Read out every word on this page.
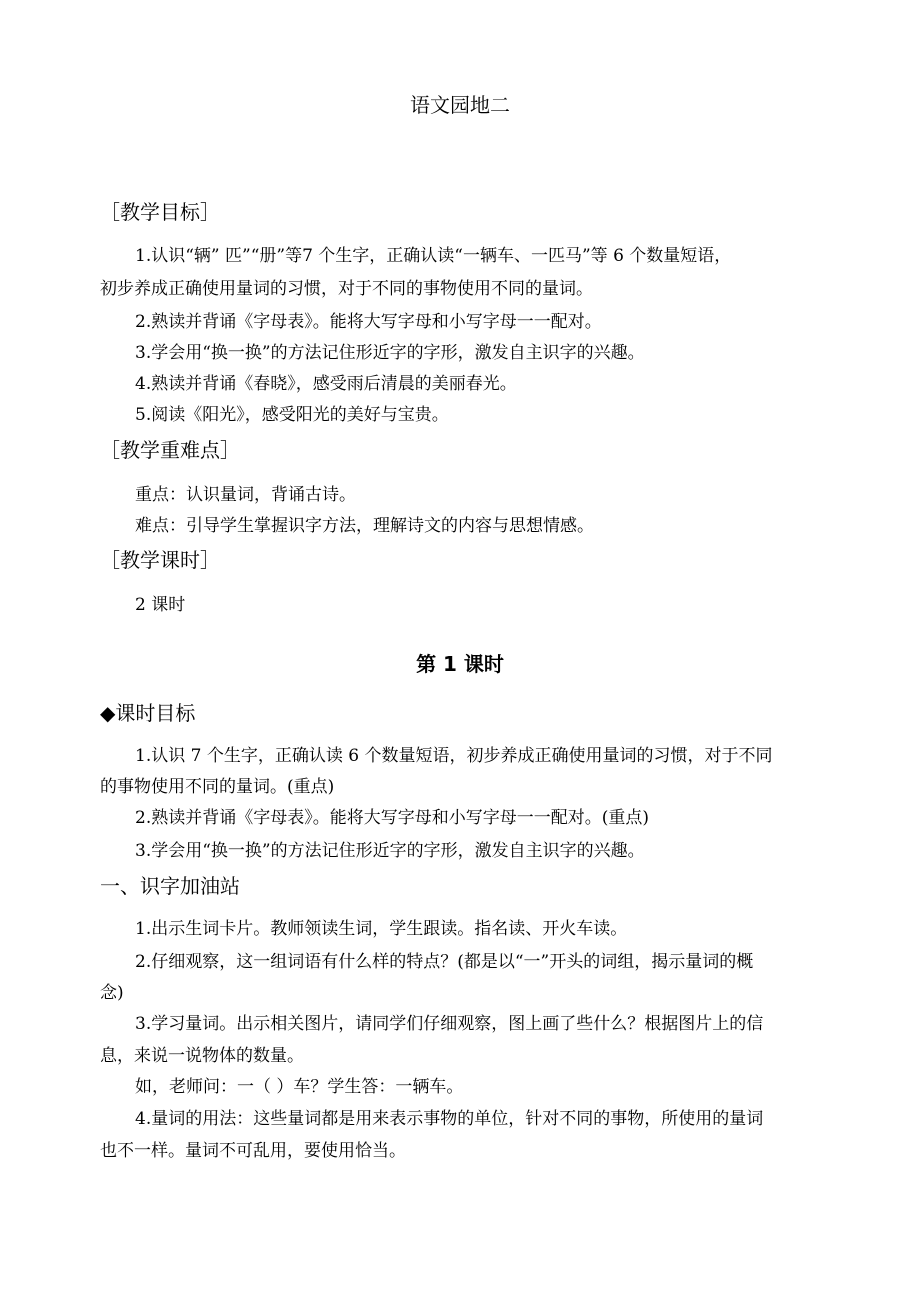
语文园地二
［教学目标］
1.认识“辆” 匹”“册”等7 个生字，正确认读“一辆车、一匹马”等 6 个数量短语，
初步养成正确使用量词的习惯，对于不同的事物使用不同的量词。
2.熟读并背诵《字母表》。能将大写字母和小写字母一一配对。
3.学会用“换一换”的方法记住形近字的字形，激发自主识字的兴趣。
4.熟读并背诵《春晓》，感受雨后清晨的美丽春光。
5.阅读《阳光》，感受阳光的美好与宝贵。
［教学重难点］
重点：认识量词，背诵古诗。
难点：引导学生掌握识字方法，理解诗文的内容与思想情感。
［教学课时］
2 课时
第 1 课时
◆课时目标
1.认识 7 个生字，正确认读 6 个数量短语，初步养成正确使用量词的习惯，对于不同
的事物使用不同的量词。(重点)
2.熟读并背诵《字母表》。能将大写字母和小写字母一一配对。(重点)
3.学会用“换一换”的方法记住形近字的字形，激发自主识字的兴趣。
一、识字加油站
1.出示生词卡片。教师领读生词，学生跟读。指名读、开火车读。
2.仔细观察，这一组词语有什么样的特点？(都是以“一”开头的词组，揭示量词的概
念)
3.学习量词。出示相关图片，请同学们仔细观察，图上画了些什么？根据图片上的信
息，来说一说物体的数量。
如，老师问：一（ ）车？学生答：一辆车。
4.量词的用法：这些量词都是用来表示事物的单位，针对不同的事物，所使用的量词
也不一样。量词不可乱用，要使用恰当。
